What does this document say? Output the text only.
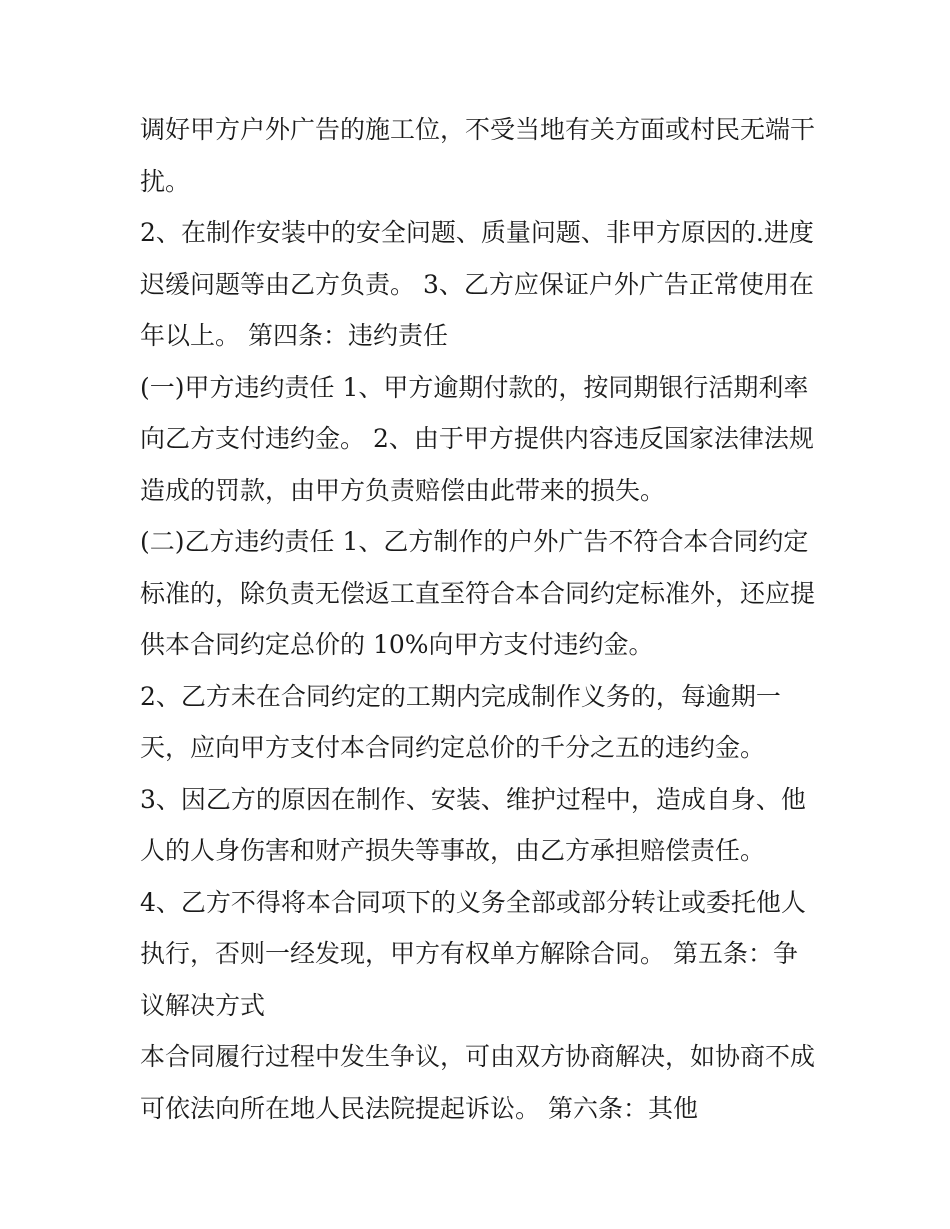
调好甲方户外广告的施工位，不受当地有关方面或村民无端干
扰。
2、在制作安装中的安全问题、质量问题、非甲方原因的.进度
迟缓问题等由乙方负责。 3、乙方应保证户外广告正常使用在
年以上。 第四条：违约责任
(一)甲方违约责任 1、甲方逾期付款的，按同期银行活期利率
向乙方支付违约金。 2、由于甲方提供内容违反国家法律法规
造成的罚款，由甲方负责赔偿由此带来的损失。
(二)乙方违约责任 1、乙方制作的户外广告不符合本合同约定
标准的，除负责无偿返工直至符合本合同约定标准外，还应提
供本合同约定总价的 10%向甲方支付违约金。
2、乙方未在合同约定的工期内完成制作义务的，每逾期一
天，应向甲方支付本合同约定总价的千分之五的违约金。
3、因乙方的原因在制作、安装、维护过程中，造成自身、他
人的人身伤害和财产损失等事故，由乙方承担赔偿责任。
4、乙方不得将本合同项下的义务全部或部分转让或委托他人
执行，否则一经发现，甲方有权单方解除合同。 第五条：争
议解决方式
本合同履行过程中发生争议，可由双方协商解决，如协商不成
可依法向所在地人民法院提起诉讼。 第六条：其他
